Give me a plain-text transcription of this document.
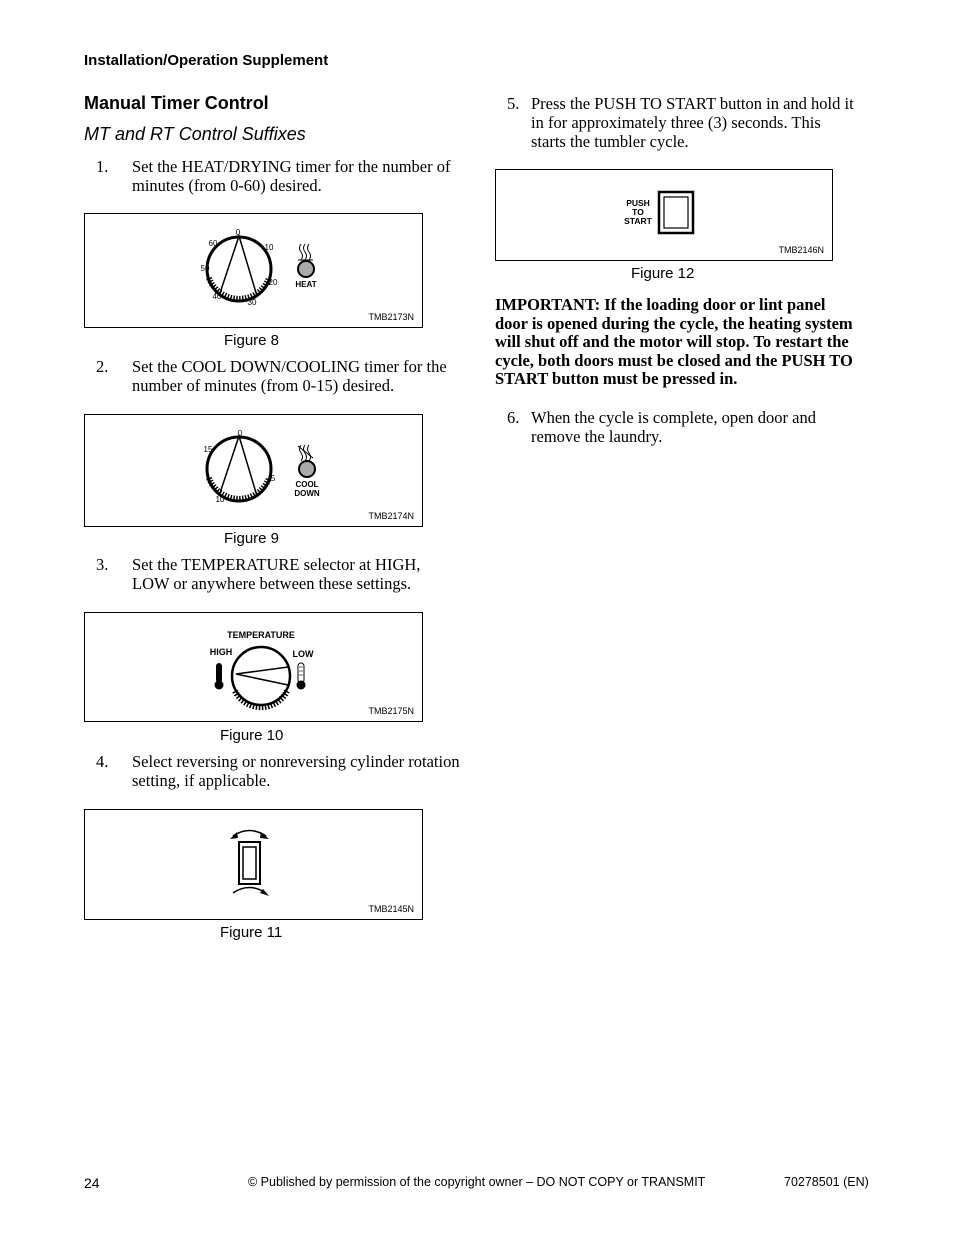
Installation/Operation Supplement
Manual Timer Control
MT and RT Control Suffixes
1. Set the HEAT/DRYING timer for the number of
minutes (from 0-60) desired.
0
10
20
30
40
50
60
HEAT
TMB2173N
Figure 8
2. Set the COOL DOWN/COOLING timer for the
number of minutes (from 0-15) desired.
0
5
10
15
COOL
DOWN
TMB2174N
Figure 9
3. Set the TEMPERATURE selector at HIGH,
LOW or anywhere between these settings.
TEMPERATURE
HIGH	LOW
TMB2175N
Figure 10
4. Select reversing or nonreversing cylinder rotation
setting, if applicable.
TMB2145N
Figure 11
5. Press the PUSH TO START button in and hold it
in for approximately three (3) seconds. This
starts the tumbler cycle.
PUSH
TO
START
TMB2146N
Figure 12
IMPORTANT: If the loading door or lint panel
door is opened during the cycle, the heating system
will shut off and the motor will stop. To restart the
cycle, both doors must be closed and the PUSH TO
START button must be pressed in.
6. When the cycle is complete, open door and
remove the laundry.
24	© Published by permission of the copyright owner – DO NOT COPY or TRANSMIT	70278501 (EN)
